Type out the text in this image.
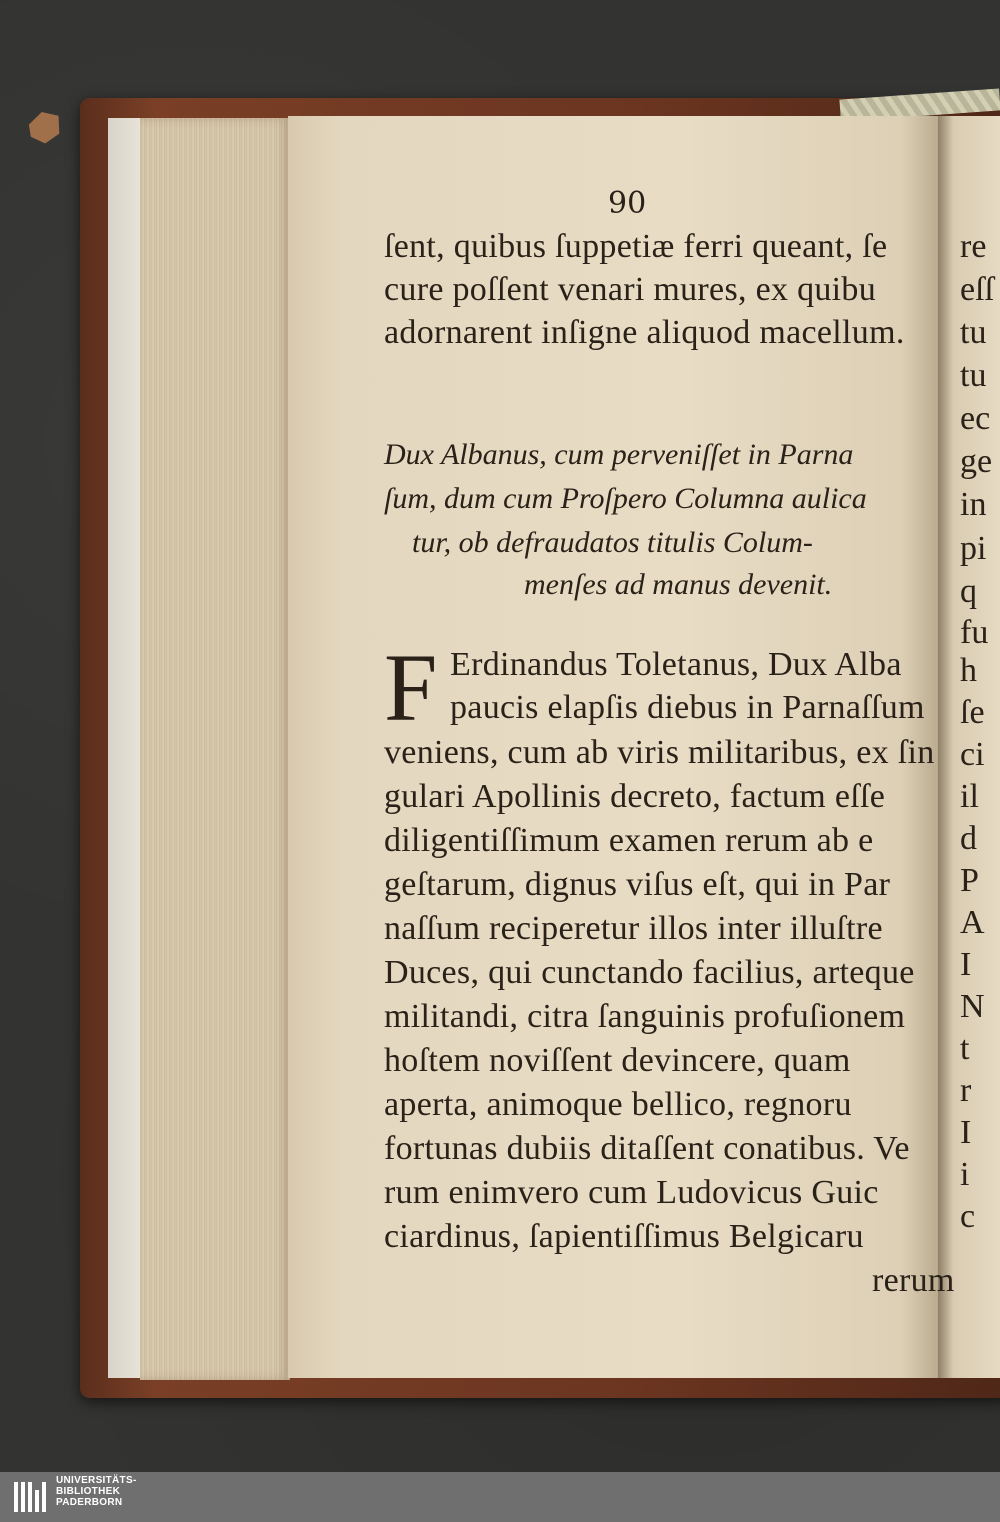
90
ſent, quibus ſuppetiæ ferri queant, ſe
cure poſſent venari mures, ex quibu
adornarent inſigne aliquod macellum.
Dux Albanus, cum perveniſſet in Parna
ſum, dum cum Proſpero Columna aulica
tur, ob defraudatos titulis Colum-
menſes ad manus devenit.
F Erdinandus Toletanus, Dux Alba
paucis elapſis diebus in Parnaſſum
veniens, cum ab viris militaribus, ex ſin
gulari Apollinis decreto, factum eſſe
diligentiſſimum examen rerum ab e
geſtarum, dignus viſus eſt, qui in Par
naſſum reciperetur illos inter illuſtre
Duces, qui cunctando facilius, arteque
militandi, citra ſanguinis profuſionem
hoſtem noviſſent devincere, quam
aperta, animoque bellico, regnoru
fortunas dubiis ditaſſent conatibus. Ve
rum enimvero cum Ludovicus Guic
ciardinus, ſapientiſſimus Belgicaru
rerum
re
eſſ
tu
tu
ec
ge
in
pi
q
fu
h
ſe
ci
il
d
P
A
I
N
t
r
I
i
c
UNIVERSITÄTS-
BIBLIOTHEK
PADERBORN
